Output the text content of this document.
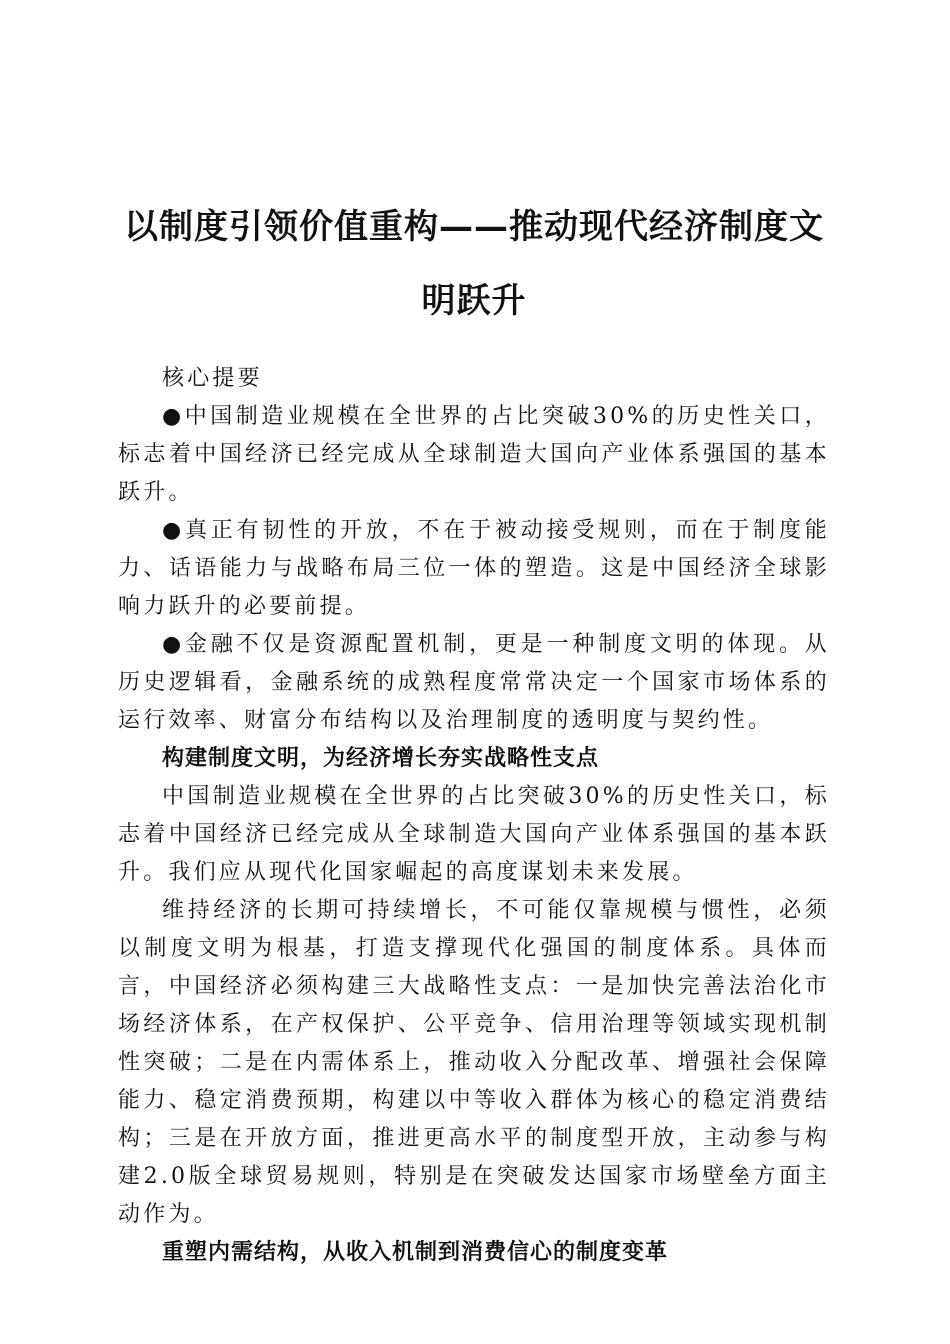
以制度引领价值重构——推动现代经济制度文明跃升

核心提要

●中国制造业规模在全世界的占比突破30%的历史性关口，标志着中国经济已经完成从全球制造大国向产业体系强国的基本跃升。

●真正有韧性的开放，不在于被动接受规则，而在于制度能力、话语能力与战略布局三位一体的塑造。这是中国经济全球影响力跃升的必要前提。

●金融不仅是资源配置机制，更是一种制度文明的体现。从历史逻辑看，金融系统的成熟程度常常决定一个国家市场体系的运行效率、财富分布结构以及治理制度的透明度与契约性。

构建制度文明，为经济增长夯实战略性支点

中国制造业规模在全世界的占比突破30%的历史性关口，标志着中国经济已经完成从全球制造大国向产业体系强国的基本跃升。我们应从现代化国家崛起的高度谋划未来发展。

维持经济的长期可持续增长，不可能仅靠规模与惯性，必须以制度文明为根基，打造支撑现代化强国的制度体系。具体而言，中国经济必须构建三大战略性支点：一是加快完善法治化市场经济体系，在产权保护、公平竞争、信用治理等领域实现机制性突破；二是在内需体系上，推动收入分配改革、增强社会保障能力、稳定消费预期，构建以中等收入群体为核心的稳定消费结构；三是在开放方面，推进更高水平的制度型开放，主动参与构建2.0版全球贸易规则，特别是在突破发达国家市场壁垒方面主动作为。

重塑内需结构，从收入机制到消费信心的制度变革
